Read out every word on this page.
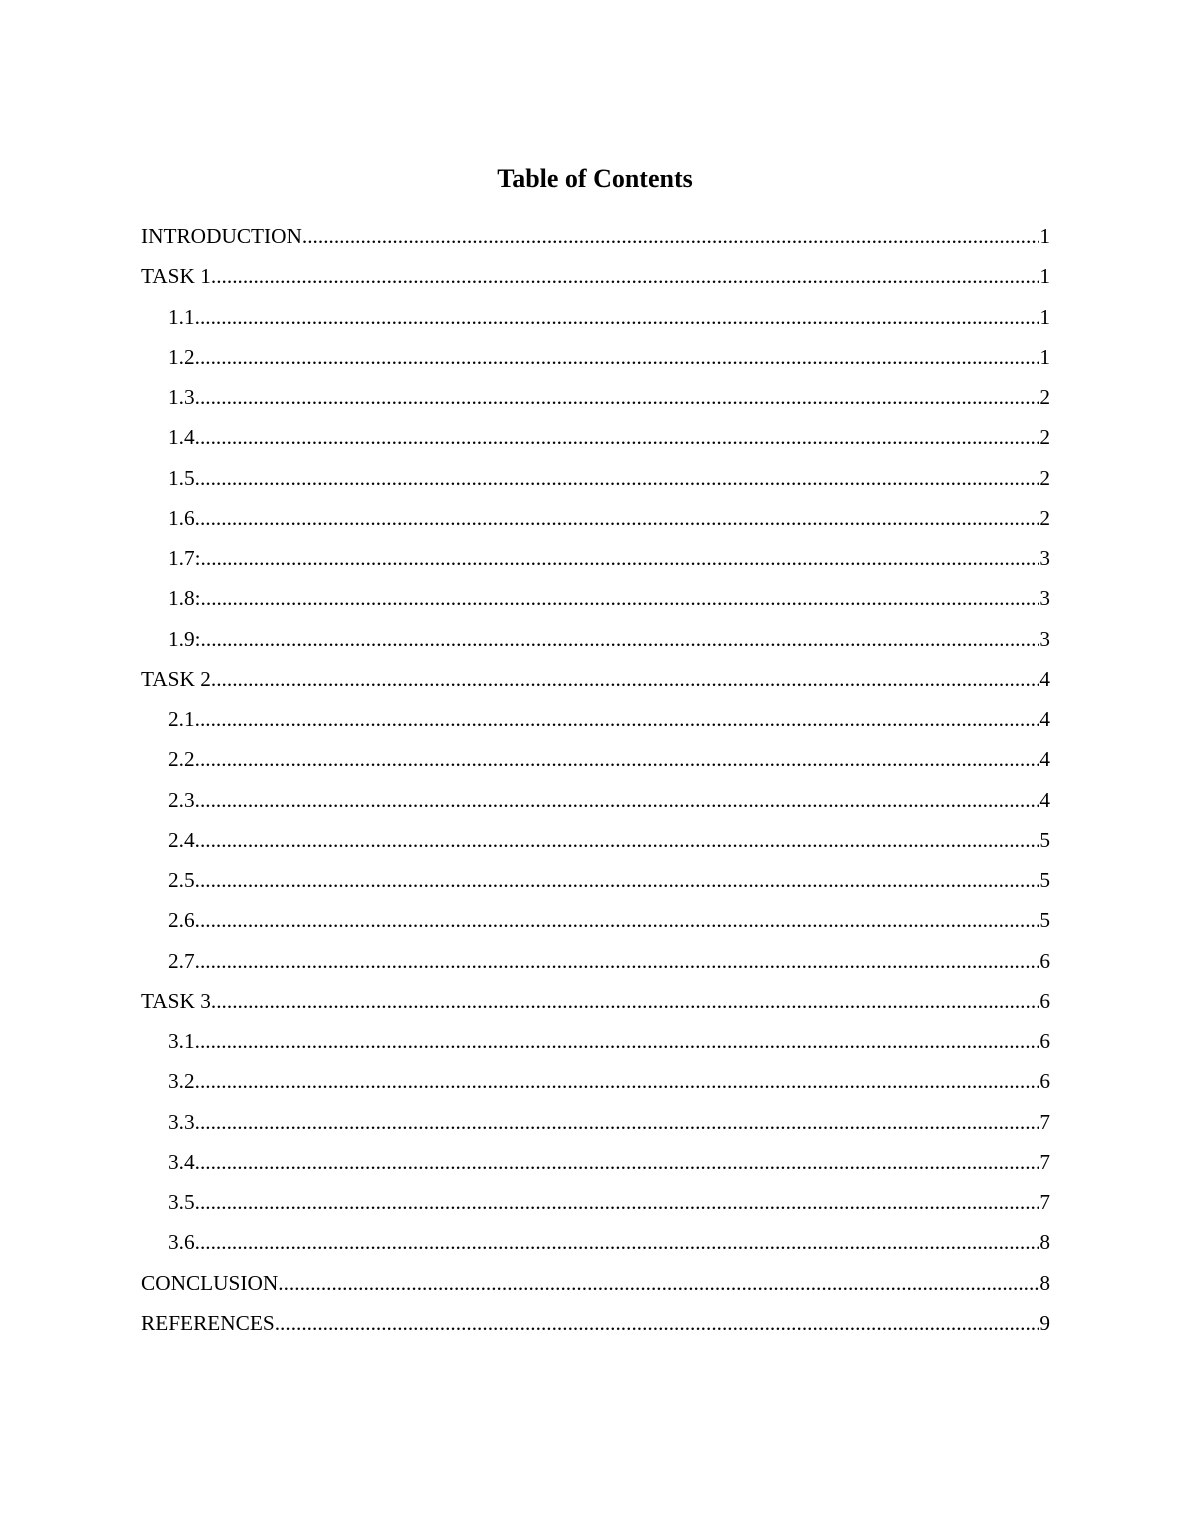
Table of Contents
INTRODUCTION .....	1
TASK 1 .....	1
1.1 .....	1
1.2 .....	1
1.3 .....	2
1.4 .....	2
1.5 .....	2
1.6 .....	2
1.7: .....	3
1.8: .....	3
1.9: .....	3
TASK 2 .....	4
2.1 .....	4
2.2 .....	4
2.3 .....	4
2.4 .....	5
2.5 .....	5
2.6 .....	5
2.7 .....	6
TASK 3 .....	6
3.1 .....	6
3.2 .....	6
3.3 .....	7
3.4 .....	7
3.5 .....	7
3.6 .....	8
CONCLUSION .....	8
REFERENCES .....	9
